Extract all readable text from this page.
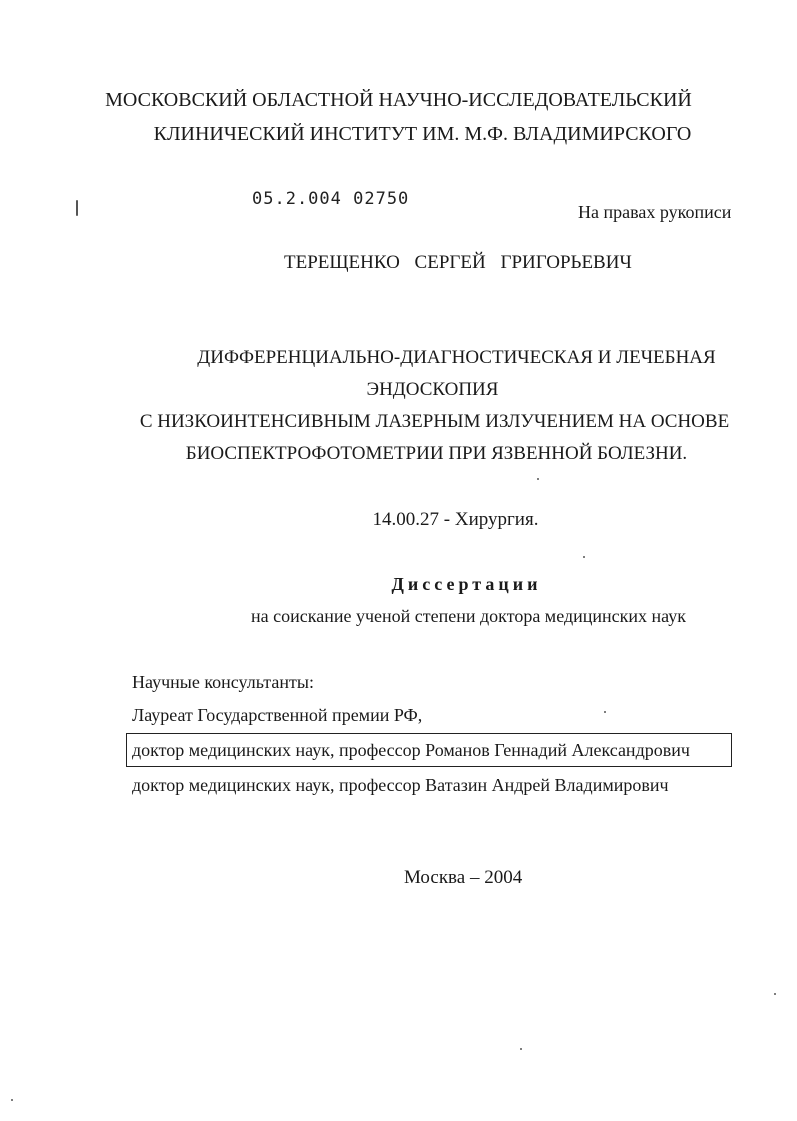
МОСКОВСКИЙ ОБЛАСТНОЙ НАУЧНО-ИССЛЕДОВАТЕЛЬСКИЙ
КЛИНИЧЕСКИЙ ИНСТИТУТ ИМ. М.Ф. ВЛАДИМИРСКОГО
05.2.004 02750
На правах рукописи
ТЕРЕЩЕНКО СЕРГЕЙ ГРИГОРЬЕВИЧ
ДИФФЕРЕНЦИАЛЬНО-ДИАГНОСТИЧЕСКАЯ И ЛЕЧЕБНАЯ
ЭНДОСКОПИЯ
С НИЗКОИНТЕНСИВНЫМ ЛАЗЕРНЫМ ИЗЛУЧЕНИЕМ НА ОСНОВЕ
БИОСПЕКТРОФОТОМЕТРИИ ПРИ ЯЗВЕННОЙ БОЛЕЗНИ.
14.00.27 - Хирургия.
Диссертации
на соискание ученой степени доктора медицинских наук
Научные консультанты:
Лауреат Государственной премии РФ,
доктор медицинских наук, профессор Романов Геннадий Александрович
доктор медицинских наук, профессор Ватазин Андрей Владимирович
Москва – 2004
